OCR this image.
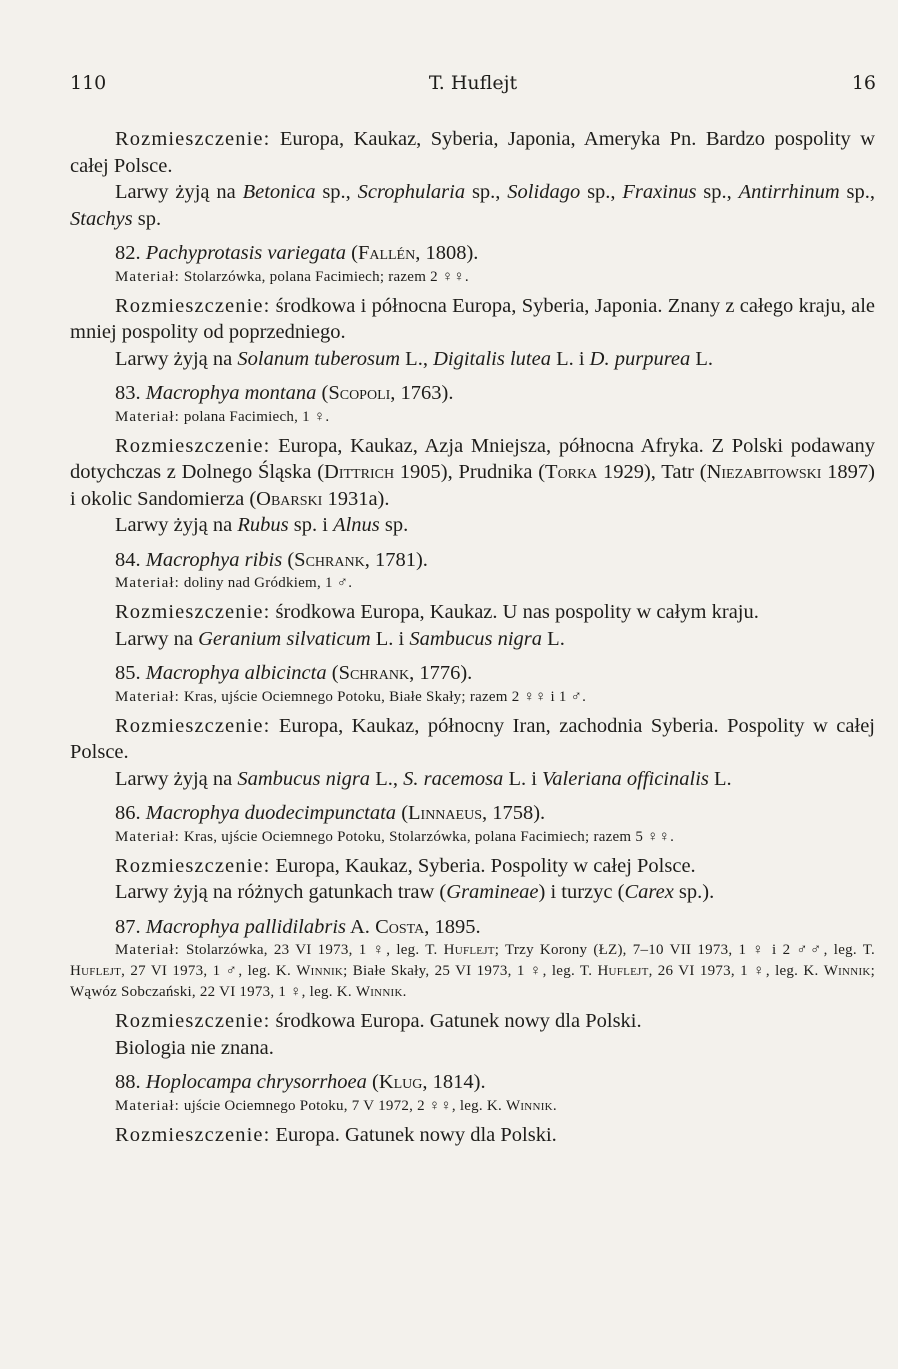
110	T. Huflejt	16

Rozmieszczenie: Europa, Kaukaz, Syberia, Japonia, Ameryka Pn. Bardzo pospolity w całej Polsce.

Larwy żyją na Betonica sp., Scrophularia sp., Solidago sp., Fraxinus sp., Antirrhinum sp., Stachys sp.

82. Pachyprotasis variegata (Fallén, 1808).

Materiał: Stolarzówka, polana Facimiech; razem 2 ♀♀.

Rozmieszczenie: środkowa i północna Europa, Syberia, Japonia. Znany z całego kraju, ale mniej pospolity od poprzedniego.

Larwy żyją na Solanum tuberosum L., Digitalis lutea L. i D. purpurea L.

83. Macrophya montana (Scopoli, 1763).

Materiał: polana Facimiech, 1 ♀.

Rozmieszczenie: Europa, Kaukaz, Azja Mniejsza, północna Afryka. Z Polski podawany dotychczas z Dolnego Śląska (Dittrich 1905), Prudnika (Torka 1929), Tatr (Niezabitowski 1897) i okolic Sandomierza (Obarski 1931a).

Larwy żyją na Rubus sp. i Alnus sp.

84. Macrophya ribis (Schrank, 1781).

Materiał: doliny nad Gródkiem, 1 ♂.

Rozmieszczenie: środkowa Europa, Kaukaz. U nas pospolity w całym kraju.

Larwy na Geranium silvaticum L. i Sambucus nigra L.

85. Macrophya albicincta (Schrank, 1776).

Materiał: Kras, ujście Ociemnego Potoku, Białe Skały; razem 2 ♀♀ i 1 ♂.

Rozmieszczenie: Europa, Kaukaz, północny Iran, zachodnia Syberia. Pospolity w całej Polsce.

Larwy żyją na Sambucus nigra L., S. racemosa L. i Valeriana officinalis L.

86. Macrophya duodecimpunctata (Linnaeus, 1758).

Materiał: Kras, ujście Ociemnego Potoku, Stolarzówka, polana Facimiech; razem 5 ♀♀.

Rozmieszczenie: Europa, Kaukaz, Syberia. Pospolity w całej Polsce.

Larwy żyją na różnych gatunkach traw (Gramineae) i turzyc (Carex sp.).

87. Macrophya pallidilabris A. Costa, 1895.

Materiał: Stolarzówka, 23 VI 1973, 1 ♀, leg. T. Huflejt; Trzy Korony (ŁZ), 7–10 VII 1973, 1 ♀ i 2 ♂♂, leg. T. Huflejt, 27 VI 1973, 1 ♂, leg. K. Winnik; Białe Skały, 25 VI 1973, 1 ♀, leg. T. Huflejt, 26 VI 1973, 1 ♀, leg. K. Winnik; Wąwóz Sobczański, 22 VI 1973, 1 ♀, leg. K. Winnik.

Rozmieszczenie: środkowa Europa. Gatunek nowy dla Polski.

Biologia nie znana.

88. Hoplocampa chrysorrhoea (Klug, 1814).

Materiał: ujście Ociemnego Potoku, 7 V 1972, 2 ♀♀, leg. K. Winnik.

Rozmieszczenie: Europa. Gatunek nowy dla Polski.
